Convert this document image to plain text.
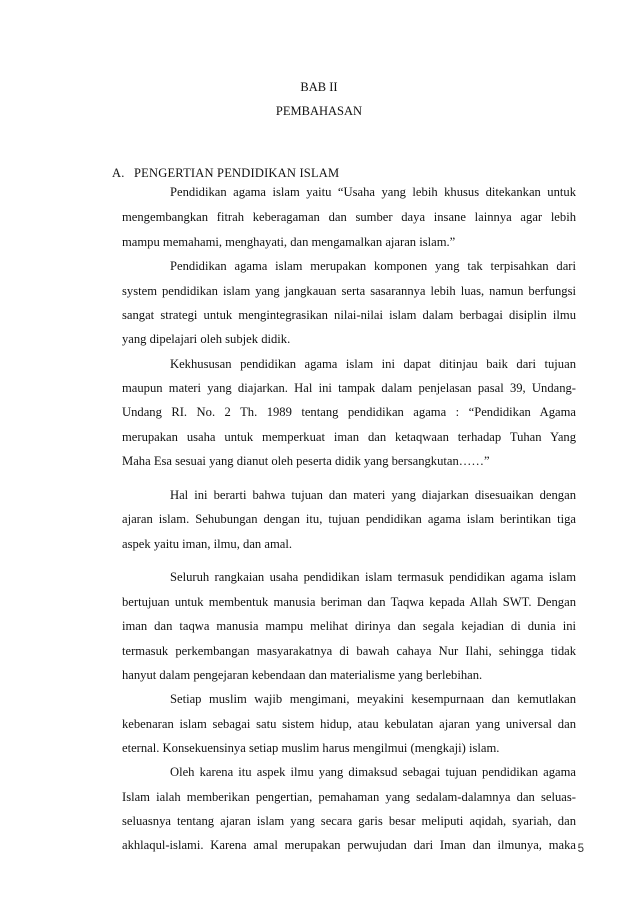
BAB II
PEMBAHASAN
A. PENGERTIAN PENDIDIKAN ISLAM
Pendidikan agama islam yaitu “Usaha yang lebih khusus ditekankan untuk
mengembangkan fitrah keberagaman dan sumber daya insane lainnya agar lebih
mampu memahami, menghayati, dan mengamalkan ajaran islam.”
Pendidikan agama islam merupakan komponen yang tak terpisahkan dari
system pendidikan islam yang jangkauan serta sasarannya lebih luas, namun berfungsi
sangat strategi untuk mengintegrasikan nilai-nilai islam dalam berbagai disiplin ilmu
yang dipelajari oleh subjek didik.
Kekhususan pendidikan agama islam ini dapat ditinjau baik dari tujuan
maupun materi yang diajarkan. Hal ini tampak dalam penjelasan pasal 39, Undang-
Undang RI. No. 2 Th. 1989 tentang pendidikan agama : “Pendidikan Agama
merupakan usaha untuk memperkuat iman dan ketaqwaan terhadap Tuhan Yang
Maha Esa sesuai yang dianut oleh peserta didik yang bersangkutan……”
Hal ini berarti bahwa tujuan dan materi yang diajarkan disesuaikan dengan
ajaran islam. Sehubungan dengan itu, tujuan pendidikan agama islam berintikan tiga
aspek yaitu iman, ilmu, dan amal.
Seluruh rangkaian usaha pendidikan islam termasuk pendidikan agama islam
bertujuan untuk membentuk manusia beriman dan Taqwa kepada Allah SWT. Dengan
iman dan taqwa manusia mampu melihat dirinya dan segala kejadian di dunia ini
termasuk perkembangan masyarakatnya di bawah cahaya Nur Ilahi, sehingga tidak
hanyut dalam pengejaran kebendaan dan materialisme yang berlebihan.
Setiap muslim wajib mengimani, meyakini kesempurnaan dan kemutlakan
kebenaran islam sebagai satu sistem hidup, atau kebulatan ajaran yang universal dan
eternal. Konsekuensinya setiap muslim harus mengilmui (mengkaji) islam.
Oleh karena itu aspek ilmu yang dimaksud sebagai tujuan pendidikan agama
Islam ialah memberikan pengertian, pemahaman yang sedalam-dalamnya dan seluas-
seluasnya tentang ajaran islam yang secara garis besar meliputi aqidah, syariah, dan
akhlaqul-islami. Karena amal merupakan perwujudan dari Iman dan ilmunya, maka 5
